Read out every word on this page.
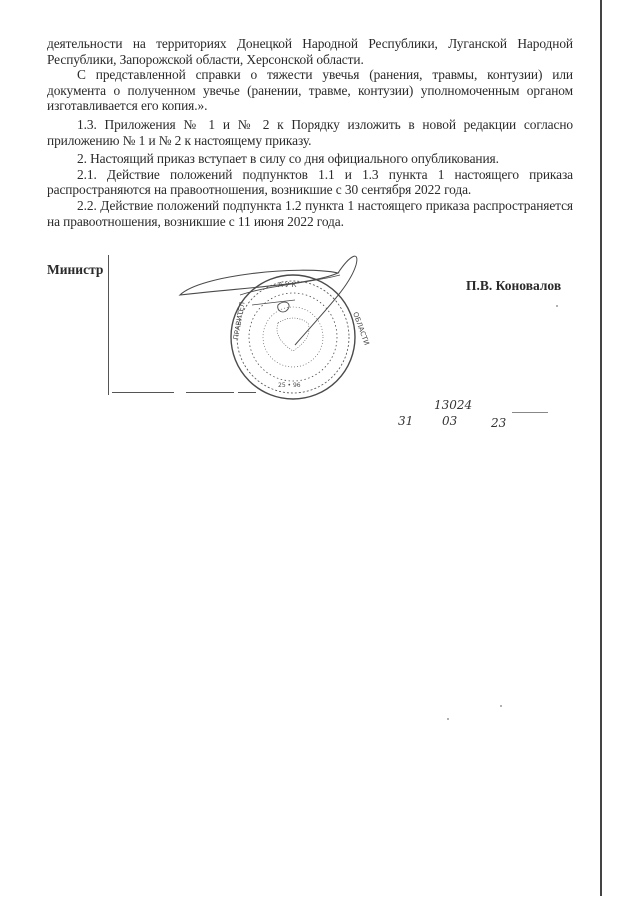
деятельности на территориях Донецкой Народной Республики, Луганской Народной Республики, Запорожской области, Херсонской области.

С представленной справки о тяжести увечья (ранения, травмы, контузии) или документа о полученном увечье (ранении, травме, контузии) уполномоченным органом изготавливается его копия.».

1.3. Приложения № 1 и № 2 к Порядку изложить в новой редакции согласно приложению № 1 и № 2 к настоящему приказу.

2. Настоящий приказ вступает в силу со дня официального опубликования.

2.1. Действие положений подпунктов 1.1 и 1.3 пункта 1 настоящего приказа распространяются на правоотношения, возникшие с 30 сентября 2022 года.

2.2. Действие положений подпункта 1.2 пункта 1 настоящего приказа распространяется на правоотношения, возникшие с 11 июня 2022 года.

Министр
П.В. Коновалов
А У К
ОБЛАСТИ
ПРАВИТЕЛ
25 • 96
13024
31 03	23
